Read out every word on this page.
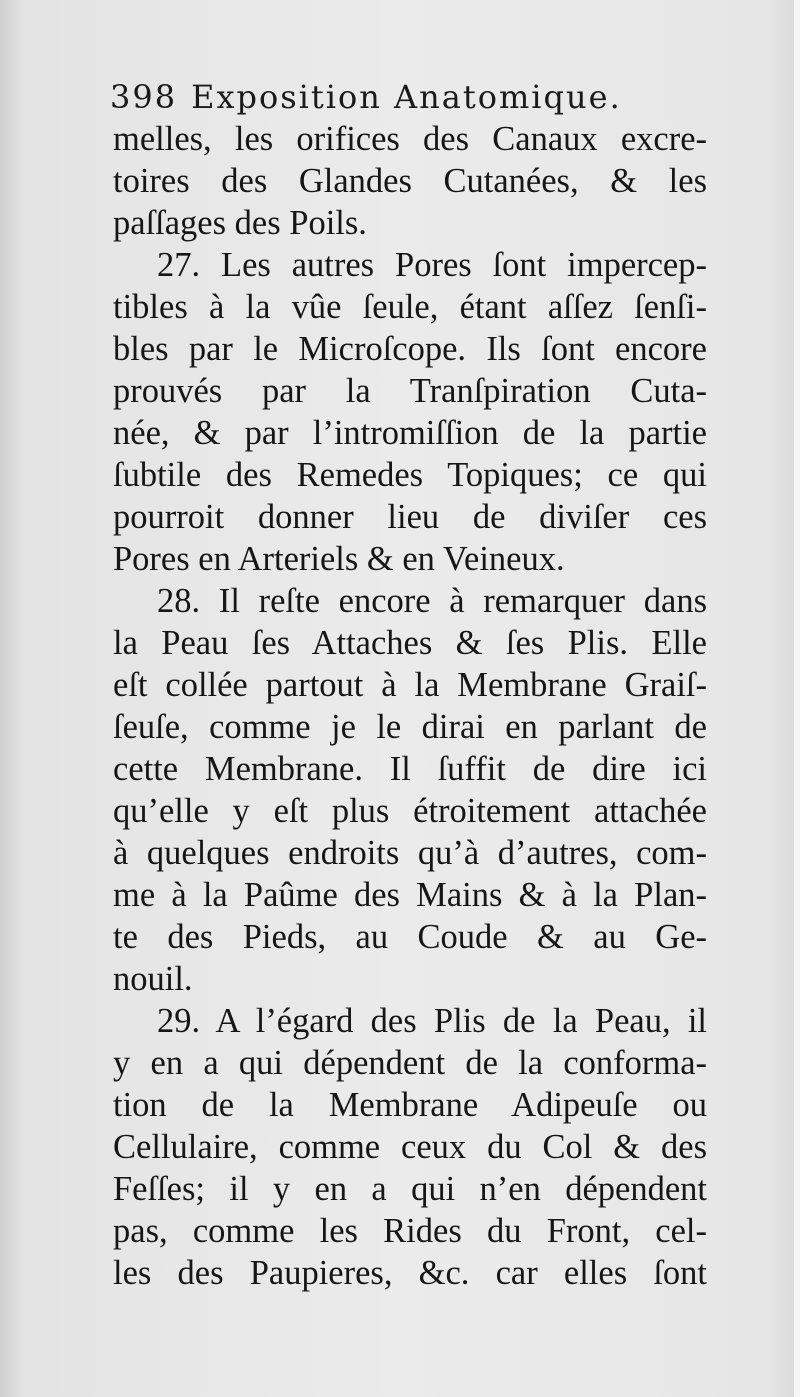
398 Exposition Anatomique.
melles, les orifices des Canaux excre-
toires des Glandes Cutanées, & les
paſſages des Poils.
27. Les autres Pores ſont impercep-
tibles à la vûe ſeule, étant aſſez ſenſi-
bles par le Microſcope. Ils ſont encore
prouvés par la Tranſpiration Cuta-
née, & par l’intromiſſion de la partie
ſubtile des Remedes Topiques; ce qui
pourroit donner lieu de diviſer ces
Pores en Arteriels & en Veineux.
28. Il reſte encore à remarquer dans
la Peau ſes Attaches & ſes Plis. Elle
eſt collée partout à la Membrane Graiſ-
ſeuſe, comme je le dirai en parlant de
cette Membrane. Il ſuffit de dire ici
qu’elle y eſt plus étroitement attachée
à quelques endroits qu’à d’autres, com-
me à la Paûme des Mains & à la Plan-
te des Pieds, au Coude & au Ge-
nouil.
29. A l’égard des Plis de la Peau, il
y en a qui dépendent de la conforma-
tion de la Membrane Adipeuſe ou
Cellulaire, comme ceux du Col & des
Feſſes; il y en a qui n’en dépendent
pas, comme les Rides du Front, cel-
les des Paupieres, &c. car elles ſont
